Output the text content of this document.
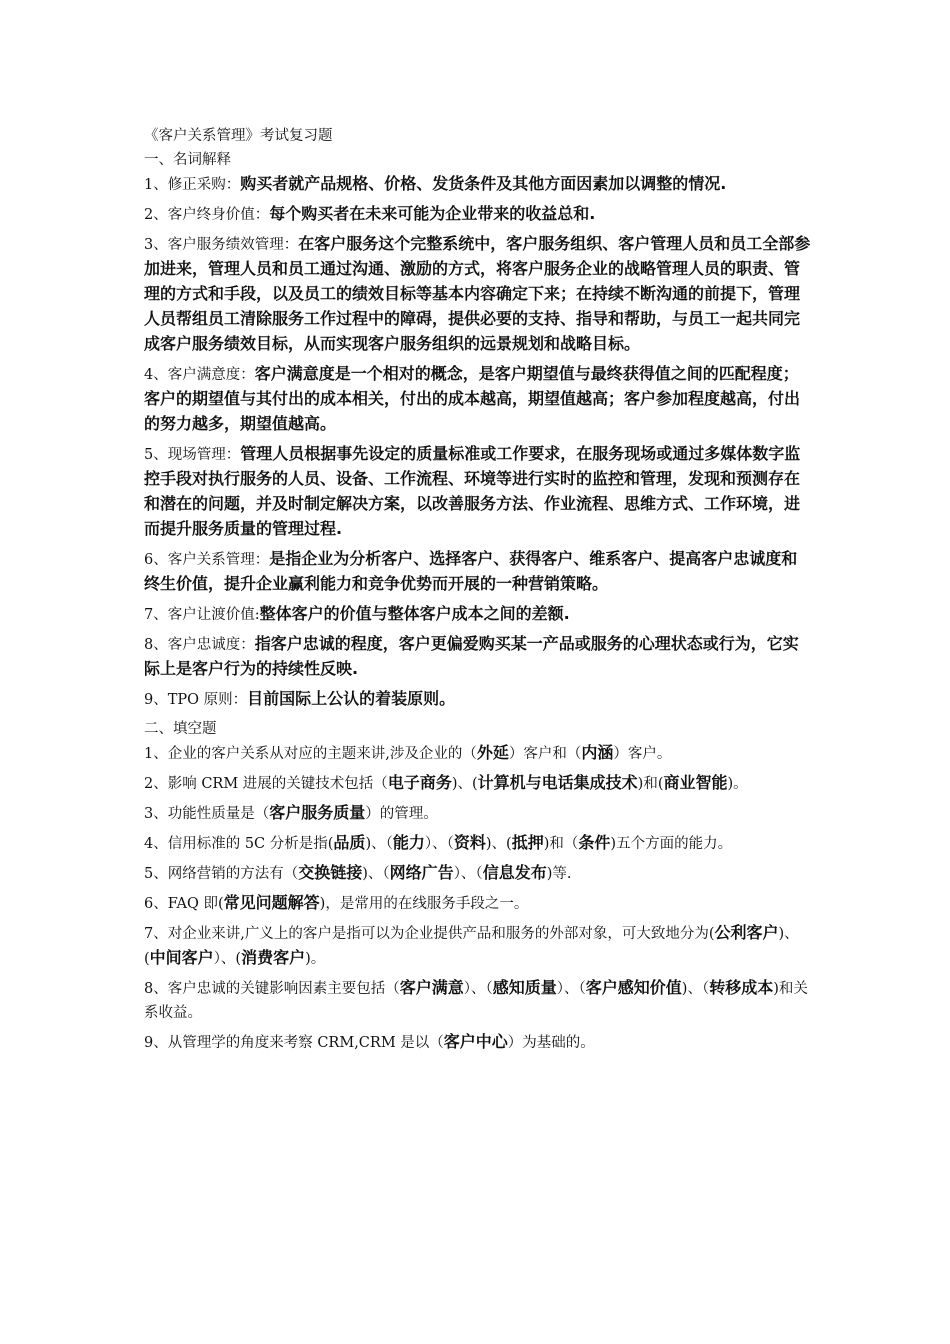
《客户关系管理》考试复习题
一、名词解释
1、修正采购：购买者就产品规格、价格、发货条件及其他方面因素加以调整的情况.
2、客户终身价值：每个购买者在未来可能为企业带来的收益总和.
3、客户服务绩效管理：在客户服务这个完整系统中，客户服务组织、客户管理人员和员工全部参加进来，管理人员和员工通过沟通、激励的方式，将客户服务企业的战略管理人员的职责、管理的方式和手段，以及员工的绩效目标等基本内容确定下来；在持续不断沟通的前提下，管理人员帮组员工清除服务工作过程中的障碍，提供必要的支持、指导和帮助，与员工一起共同完成客户服务绩效目标，从而实现客户服务组织的远景规划和战略目标。
4、客户满意度：客户满意度是一个相对的概念，是客户期望值与最终获得值之间的匹配程度；客户的期望值与其付出的成本相关，付出的成本越高，期望值越高；客户参加程度越高，付出的努力越多，期望值越高。
5、现场管理：管理人员根据事先设定的质量标准或工作要求，在服务现场或通过多媒体数字监控手段对执行服务的人员、设备、工作流程、环境等进行实时的监控和管理，发现和预测存在和潜在的问题，并及时制定解决方案，以改善服务方法、作业流程、思维方式、工作环境，进而提升服务质量的管理过程.
6、客户关系管理：是指企业为分析客户、选择客户、获得客户、维系客户、提高客户忠诚度和终生价值，提升企业赢利能力和竞争优势而开展的一种营销策略。
7、客户让渡价值:整体客户的价值与整体客户成本之间的差额.
8、客户忠诚度：指客户忠诚的程度，客户更偏爱购买某一产品或服务的心理状态或行为，它实际上是客户行为的持续性反映.
9、TPO 原则：目前国际上公认的着装原则。
二、填空题
1、企业的客户关系从对应的主题来讲,涉及企业的（外延）客户和（内涵）客户。
2、影响 CRM 进展的关键技术包括（电子商务)、(计算机与电话集成技术)和(商业智能)。
3、功能性质量是（客户服务质量）的管理。
4、信用标准的 5C 分析是指(品质)、（能力）、（资料)、(抵押)和（条件)五个方面的能力。
5、网络营销的方法有（交换链接)、（网络广告）、（信息发布)等.
6、FAQ 即(常见问题解答)，是常用的在线服务手段之一。
7、对企业来讲,广义上的客户是指可以为企业提供产品和服务的外部对象，可大致地分为(公利客户)、(中间客户）、(消费客户)。
8、客户忠诚的关键影响因素主要包括（客户满意）、（感知质量）、（客户感知价值)、（转移成本)和关系收益。
9、从管理学的角度来考察 CRM,CRM 是以（客户中心）为基础的。
